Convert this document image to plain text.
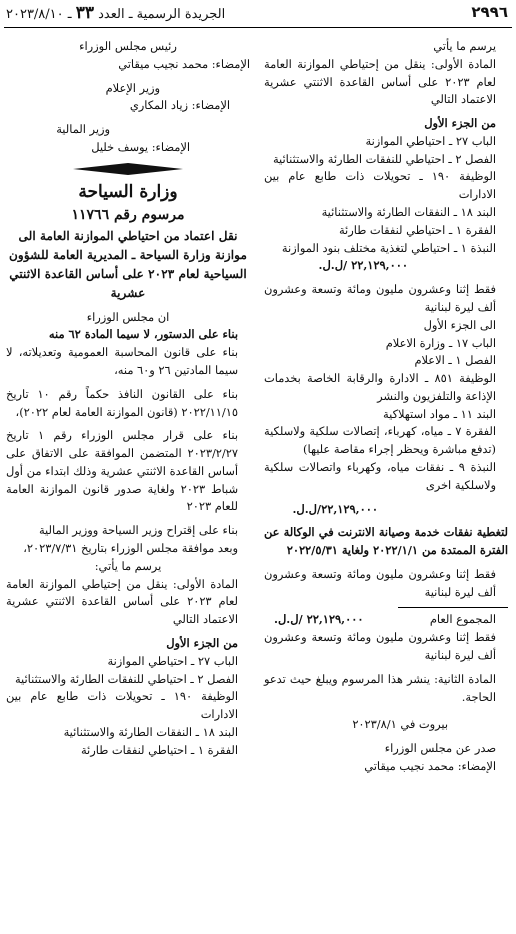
٢٩٩٦
الجريدة الرسمية ـ العدد ٣٣ ـ ٢٠٢٣/٨/١٠

يرسم ما يأتي

المادة الأولى: ينقل من إحتياطي الموازنة العامة لعام ٢٠٢٣ على أساس القاعدة الاثنتي عشرية الاعتماد التالي

من الجزء الأول

الباب ٢٧ ـ احتياطي الموازنة

الفصل ٢ ـ احتياطي للنفقات الطارئة والاستثنائية

الوظيفة ١٩٠ ـ تحويلات ذات طابع عام بين الادارات

البند ١٨ ـ النفقات الطارئة والاستثنائية

الفقرة ١ ـ احتياطي لنفقات طارئة

النبذة ١ ـ احتياطي لتغذية مختلف بنود الموازنة

٢٢,١٢٩,٠٠٠ /ل.ل.

فقط إثنا وعشرون مليون ومائة وتسعة وعشرون ألف ليرة لبنانية

الى الجزء الأول

الباب ١٧ ـ وزارة الاعلام

الفصل ١ ـ الاعلام

الوظيفة ٨٥١ ـ الادارة والرقابة الخاصة بخدمات الإذاعة والتلفزيون والنشر

البند ١١ ـ مواد استهلاكية

الفقرة ٧ ـ مياه، كهرباء، إتصالات سلكية ولاسلكية (تدفع مباشرة ويحظر إجراء مقاصة عليها)

النبذة ٩ ـ نفقات مياه، وكهرباء واتصالات سلكية ولاسلكية اخرى

٢٢,١٢٩,٠٠٠/ل.ل.

لتغطية نفقات خدمة وصيانة الانترنت في الوكالة عن الفترة الممتدة من ٢٠٢٢/١/١ ولغاية ٢٠٢٢/٥/٣١

فقط إثنا وعشرون مليون ومائة وتسعة وعشرون ألف ليرة لبنانية

المجموع العام
٢٢,١٢٩,٠٠٠ /ل.ل.

فقط إثنا وعشرون مليون ومائة وتسعة وعشرون ألف ليرة لبنانية

المادة الثانية: ينشر هذا المرسوم ويبلغ حيث تدعو الحاجة.

بيروت في ٢٠٢٣/٨/١

صدر عن مجلس الوزراء

الإمضاء: محمد نجيب ميقاتي

رئيس مجلس الوزراء

الإمضاء: محمد نجيب ميقاتي

وزير الإعلام

الإمضاء: زياد المكاري

وزير المالية

الإمضاء: يوسف خليل

وزارة السياحة

مرسوم رقم ١١٧٦٦

نقل اعتماد من احتياطي الموازنة العامة الى موازنة وزارة السياحة ـ المديرية العامة للشؤون السياحية لعام ٢٠٢٣ على أساس القاعدة الاثنتي عشرية

ان مجلس الوزراء

بناء على الدستور، لا سيما المادة ٦٢ منه

بناء على قانون المحاسبة العمومية وتعديلاته، لا سيما المادتين ٢٦ و٦٠ منه،

بناء على القانون النافذ حكماً رقم ١٠ تاريخ ٢٠٢٢/١١/١٥ (قانون الموازنة العامة لعام ٢٠٢٢)،

بناء على قرار مجلس الوزراء رقم ١ تاريخ ٢٠٢٣/٢/٢٧ المتضمن الموافقة على الاتفاق على أساس القاعدة الاثنتي عشرية وذلك ابتداء من أول شباط ٢٠٢٣ ولغاية صدور قانون الموازنة العامة للعام ٢٠٢٣

بناء على إقتراح وزير السياحة ووزير المالية

وبعد موافقة مجلس الوزراء بتاريخ ٢٠٢٣/٧/٣١،

يرسم ما يأتي:

المادة الأولى: ينقل من إحتياطي الموازنة العامة لعام ٢٠٢٣ على أساس القاعدة الاثنتي عشرية الاعتماد التالي

من الجزء الأول

الباب ٢٧ ـ احتياطي الموازنة

الفصل ٢ ـ احتياطي للنفقات الطارئة والاستثنائية

الوظيفة ١٩٠ ـ تحويلات ذات طابع عام بين الادارات

البند ١٨ ـ النفقات الطارئة والاستثنائية

الفقرة ١ ـ احتياطي لنفقات طارئة
